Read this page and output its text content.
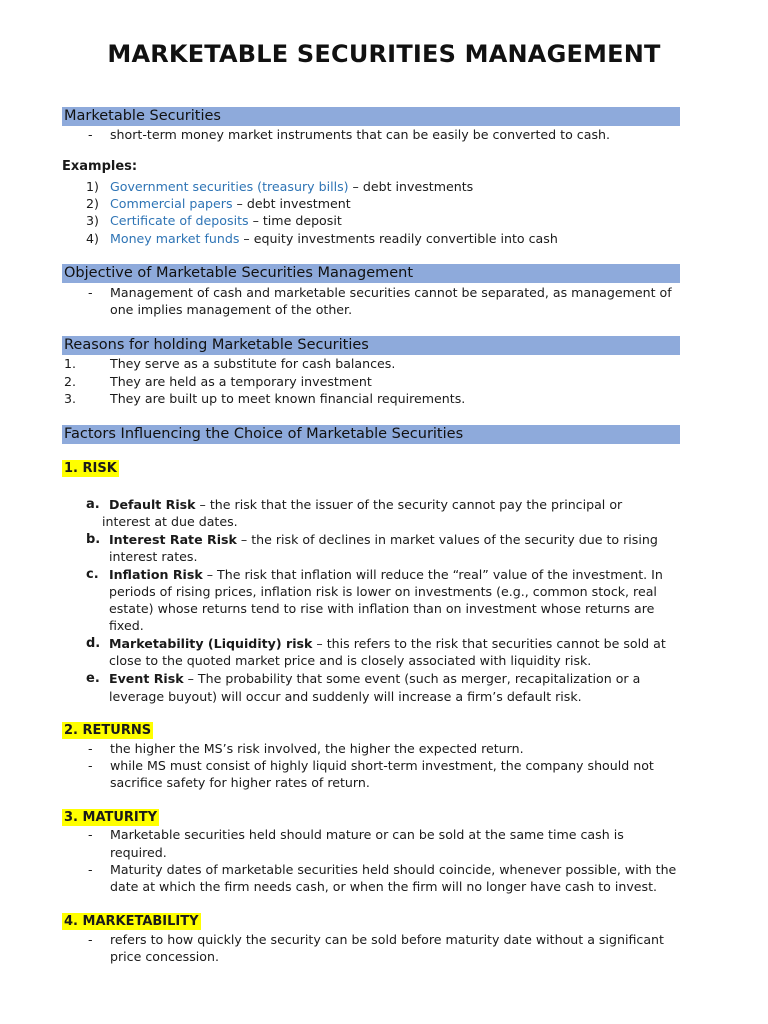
MARKETABLE SECURITIES MANAGEMENT
Marketable Securities
- short-term money market instruments that can be easily be converted to cash.
Examples:
1) Government securities (treasury bills) – debt investments
2) Commercial papers – debt investment
3) Certificate of deposits – time deposit
4) Money market funds – equity investments readily convertible into cash
Objective of Marketable Securities Management
- Management of cash and marketable securities cannot be separated, as management of
one implies management of the other.
Reasons for holding Marketable Securities
1.	They serve as a substitute for cash balances.
2.	They are held as a temporary investment
3.	They are built up to meet known financial requirements.
Factors Influencing the Choice of Marketable Securities
1. RISK
a. Default Risk – the risk that the issuer of the security cannot pay the principal or
interest at due dates.
b. Interest Rate Risk – the risk of declines in market values of the security due to rising
interest rates.
c. Inflation Risk – The risk that inflation will reduce the “real” value of the investment. In
periods of rising prices, inflation risk is lower on investments (e.g., common stock, real
estate) whose returns tend to rise with inflation than on investment whose returns are
fixed.
d. Marketability (Liquidity) risk – this refers to the risk that securities cannot be sold at
close to the quoted market price and is closely associated with liquidity risk.
e. Event Risk – The probability that some event (such as merger, recapitalization or a
leverage buyout) will occur and suddenly will increase a firm’s default risk.
2. RETURNS
- the higher the MS’s risk involved, the higher the expected return.
- while MS must consist of highly liquid short-term investment, the company should not
sacrifice safety for higher rates of return.
3. MATURITY
- Marketable securities held should mature or can be sold at the same time cash is
required.
- Maturity dates of marketable securities held should coincide, whenever possible, with the
date at which the firm needs cash, or when the firm will no longer have cash to invest.
4. MARKETABILITY
- refers to how quickly the security can be sold before maturity date without a significant
price concession.
